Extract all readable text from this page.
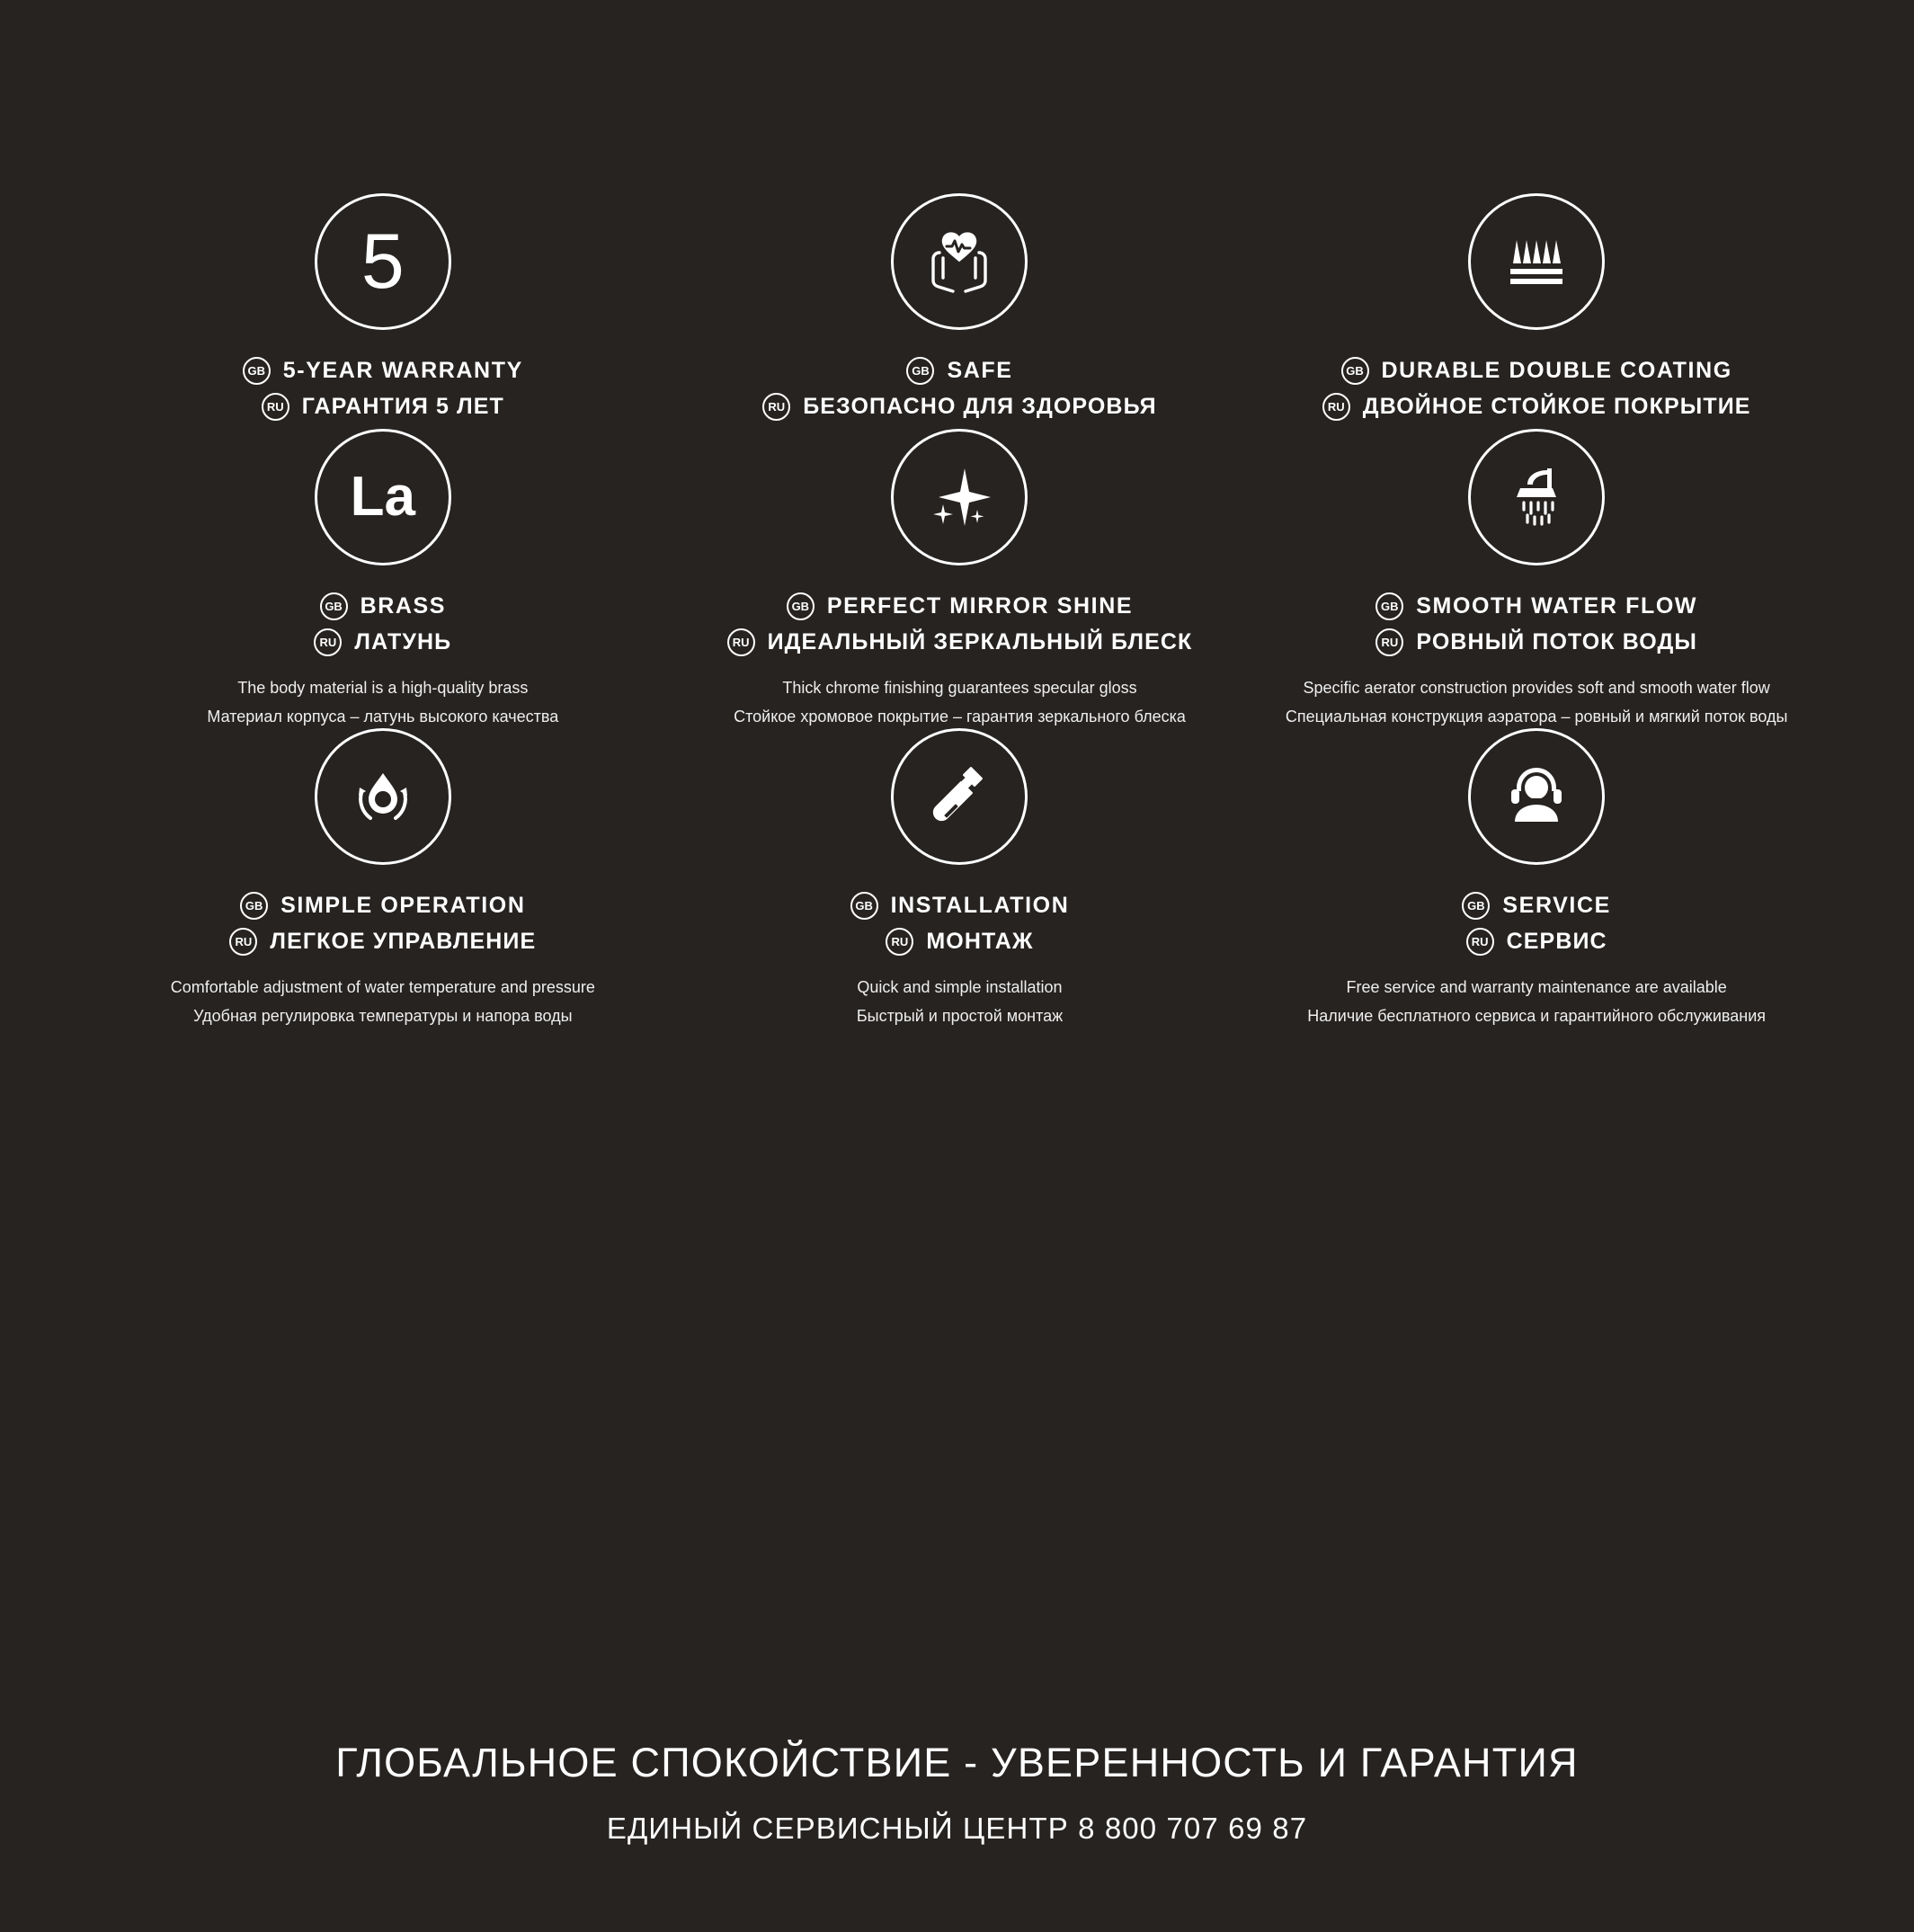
5
GB 5-YEAR WARRANTY
RU ГАРАНТИЯ 5 ЛЕТ
GB SAFE
RU БЕЗОПАСНО ДЛЯ ЗДОРОВЬЯ
GB DURABLE DOUBLE COATING
RU ДВОЙНОЕ СТОЙКОЕ ПОКРЫТИЕ
La
GB BRASS
RU ЛАТУНЬ

The body material is a high-quality brass

Материал корпуса – латунь высокого качества

GB PERFECT MIRROR SHINE
RU ИДЕАЛЬНЫЙ ЗЕРКАЛЬНЫЙ БЛЕСК

Thick chrome finishing guarantees specular gloss

Стойкое хромовое покрытие – гарантия зеркального блеска

GB SMOOTH WATER FLOW
RU РОВНЫЙ ПОТОК ВОДЫ

Specific aerator construction provides soft and smooth water flow

Специальная конструкция аэратора – ровный и мягкий поток воды

GB SIMPLE OPERATION
RU ЛЕГКОЕ УПРАВЛЕНИЕ

Comfortable adjustment of water temperature and pressure

Удобная регулировка температуры и напора воды

GB INSTALLATION
RU МОНТАЖ

Quick and simple installation

Быстрый и простой монтаж

GB SERVICE
RU СЕРВИС

Free service and warranty maintenance are available

Наличие бесплатного сервиса и гарантийного обслуживания

ГЛОБАЛЬНОЕ СПОКОЙСТВИЕ - УВЕРЕННОСТЬ И ГАРАНТИЯ
ЕДИНЫЙ СЕРВИСНЫЙ ЦЕНТР 8 800 707 69 87
